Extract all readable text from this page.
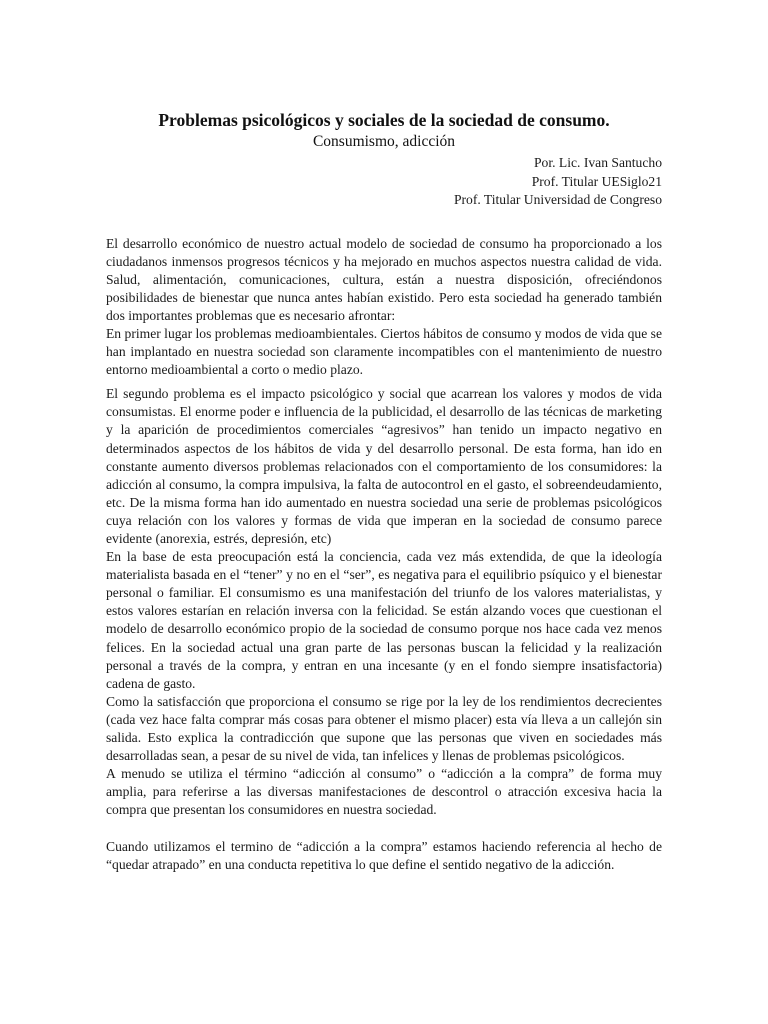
Problemas psicológicos y sociales de la sociedad de consumo.
Consumismo, adicción
Por. Lic. Ivan Santucho
Prof. Titular UESiglo21
Prof. Titular Universidad de Congreso

El desarrollo económico de nuestro actual modelo de sociedad de consumo ha proporcionado a los ciudadanos inmensos progresos técnicos y ha mejorado en muchos aspectos nuestra calidad de vida. Salud, alimentación, comunicaciones, cultura, están a nuestra disposición, ofreciéndonos posibilidades de bienestar que nunca antes habían existido. Pero esta sociedad ha generado también dos importantes problemas que es necesario afrontar:

En primer lugar los problemas medioambientales. Ciertos hábitos de consumo y modos de vida que se han implantado en nuestra sociedad son claramente incompatibles con el mantenimiento de nuestro entorno medioambiental a corto o medio plazo.

El segundo problema es el impacto psicológico y social que acarrean los valores y modos de vida consumistas. El enorme poder e influencia de la publicidad, el desarrollo de las técnicas de marketing y la aparición de procedimientos comerciales “agresivos” han tenido un impacto negativo en determinados aspectos de los hábitos de vida y del desarrollo personal. De esta forma, han ido en constante aumento diversos problemas relacionados con el comportamiento de los consumidores: la adicción al consumo, la compra impulsiva, la falta de autocontrol en el gasto, el sobreendeudamiento, etc. De la misma forma han ido aumentado en nuestra sociedad una serie de problemas psicológicos cuya relación con los valores y formas de vida que imperan en la sociedad de consumo parece evidente (anorexia, estrés, depresión, etc)

En la base de esta preocupación está la conciencia, cada vez más extendida, de que la ideología materialista basada en el “tener” y no en el “ser”, es negativa para el equilibrio psíquico y el bienestar personal o familiar. El consumismo es una manifestación del triunfo de los valores materialistas, y estos valores estarían en relación inversa con la felicidad. Se están alzando voces que cuestionan el modelo de desarrollo económico propio de la sociedad de consumo porque nos hace cada vez menos felices. En la sociedad actual una gran parte de las personas buscan la felicidad y la realización personal a través de la compra, y entran en una incesante (y en el fondo siempre insatisfactoria) cadena de gasto.

Como la satisfacción que proporciona el consumo se rige por la ley de los rendimientos decrecientes (cada vez hace falta comprar más cosas para obtener el mismo placer) esta vía lleva a un callejón sin salida. Esto explica la contradicción que supone que las personas que viven en sociedades más desarrolladas sean, a pesar de su nivel de vida, tan infelices y llenas de problemas psicológicos.

A menudo se utiliza el término “adicción al consumo” o “adicción a la compra” de forma muy amplia, para referirse a las diversas manifestaciones de descontrol o atracción excesiva hacia la compra que presentan los consumidores en nuestra sociedad.

Cuando utilizamos el termino de “adicción a la compra” estamos haciendo referencia al hecho de “quedar atrapado” en una conducta repetitiva lo que define el sentido negativo de la adicción.
